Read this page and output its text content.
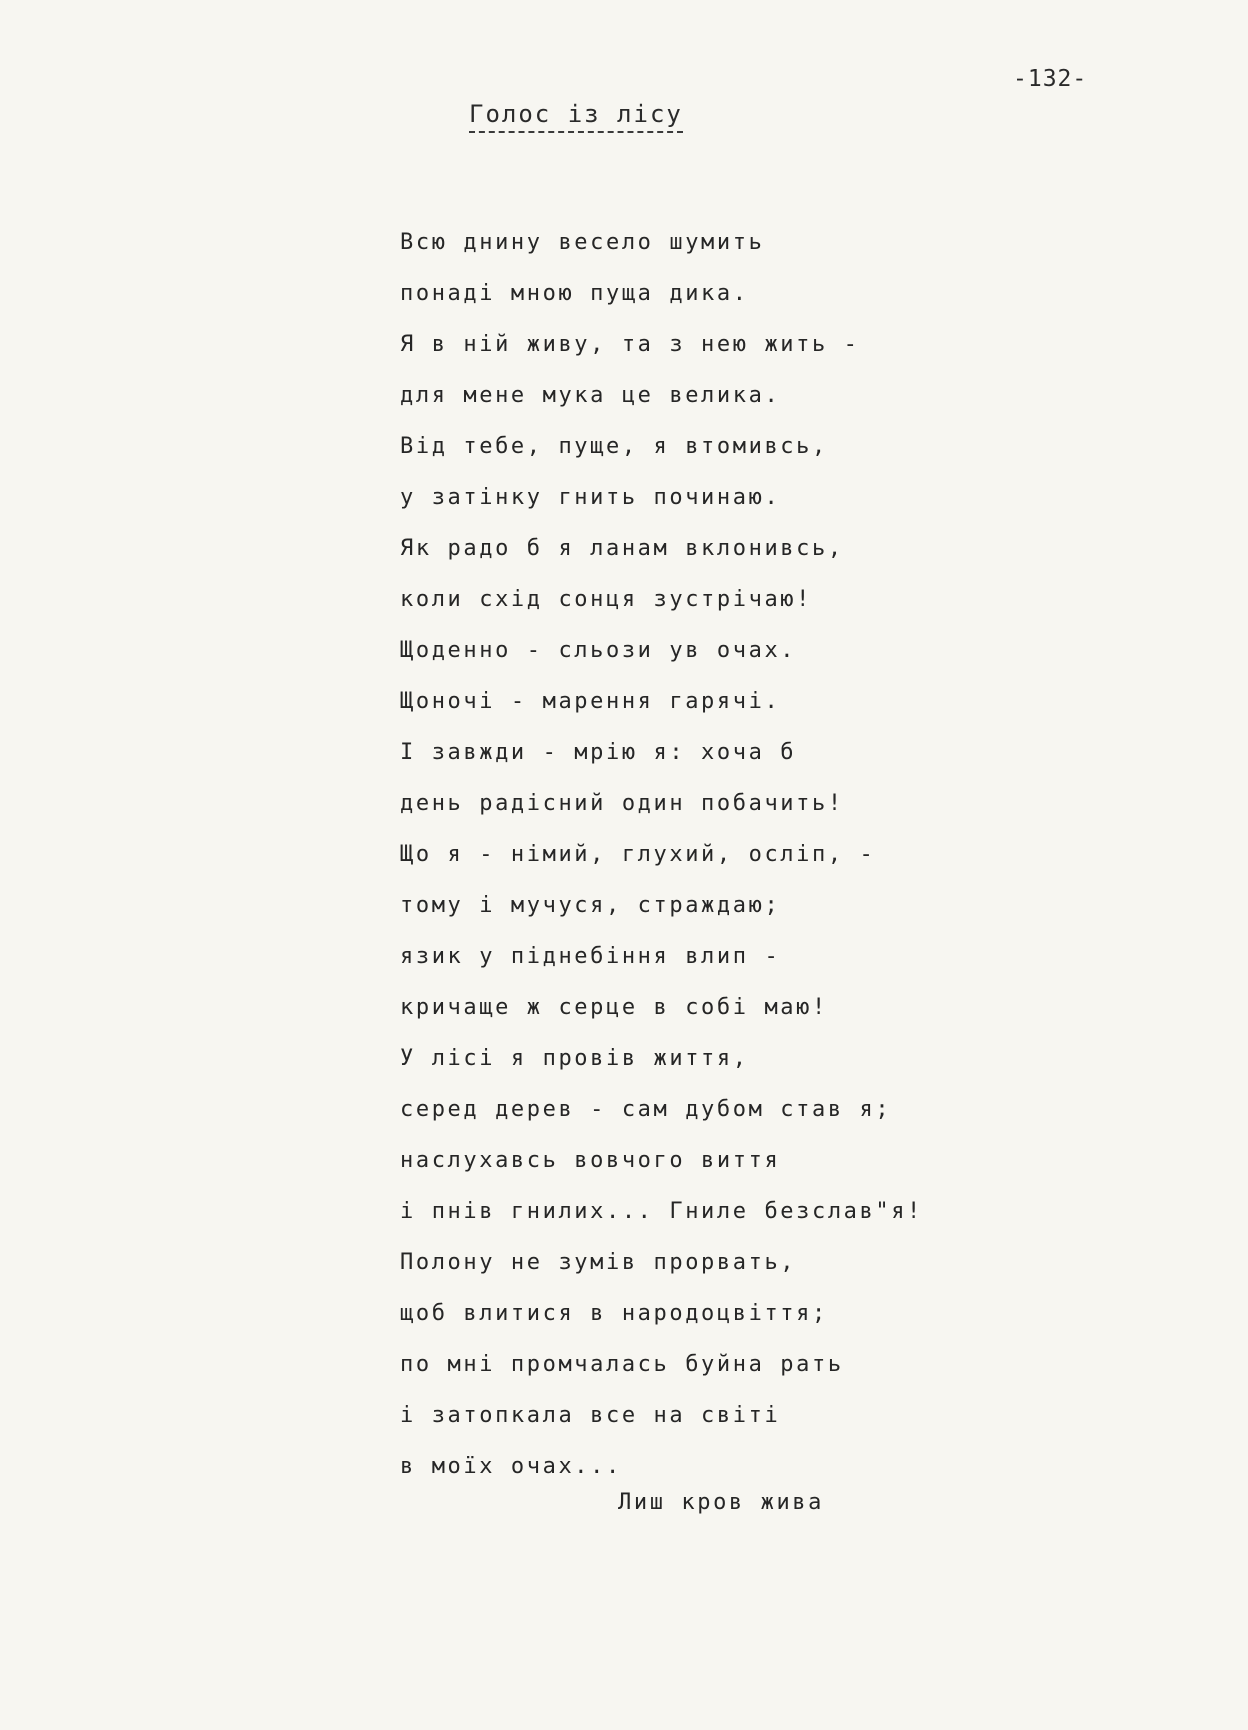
-132-
Голос із лісу
Всю днину весело шумить
понаді мною пуща дика.
Я в ній живу, та з нею жить -
для мене мука це велика.
Від тебе, пуще, я втомивсь,
у затінку гнить починаю.
Як радо б я ланам вклонивсь,
коли схід сонця зустрічаю!
Щоденно - сльози ув очах.
Щоночі - марення гарячі.
І завжди - мрію я: хоча б
день радісний один побачить!
Що я - німий, глухий, осліп, -
тому і мучуся, страждаю;
язик у піднебіння влип -
кричаще ж серце в собі маю!
У лісі я провів життя,
серед дерев - сам дубом став я;
наслухавсь вовчого виття
і пнів гнилих... Гниле безслав"я!
Полону не зумів прорвать,
щоб влитися в народоцвіття;
по мні промчалась буйна рать
і затопкала все на світі
в моїх очах...
Лиш кров жива
